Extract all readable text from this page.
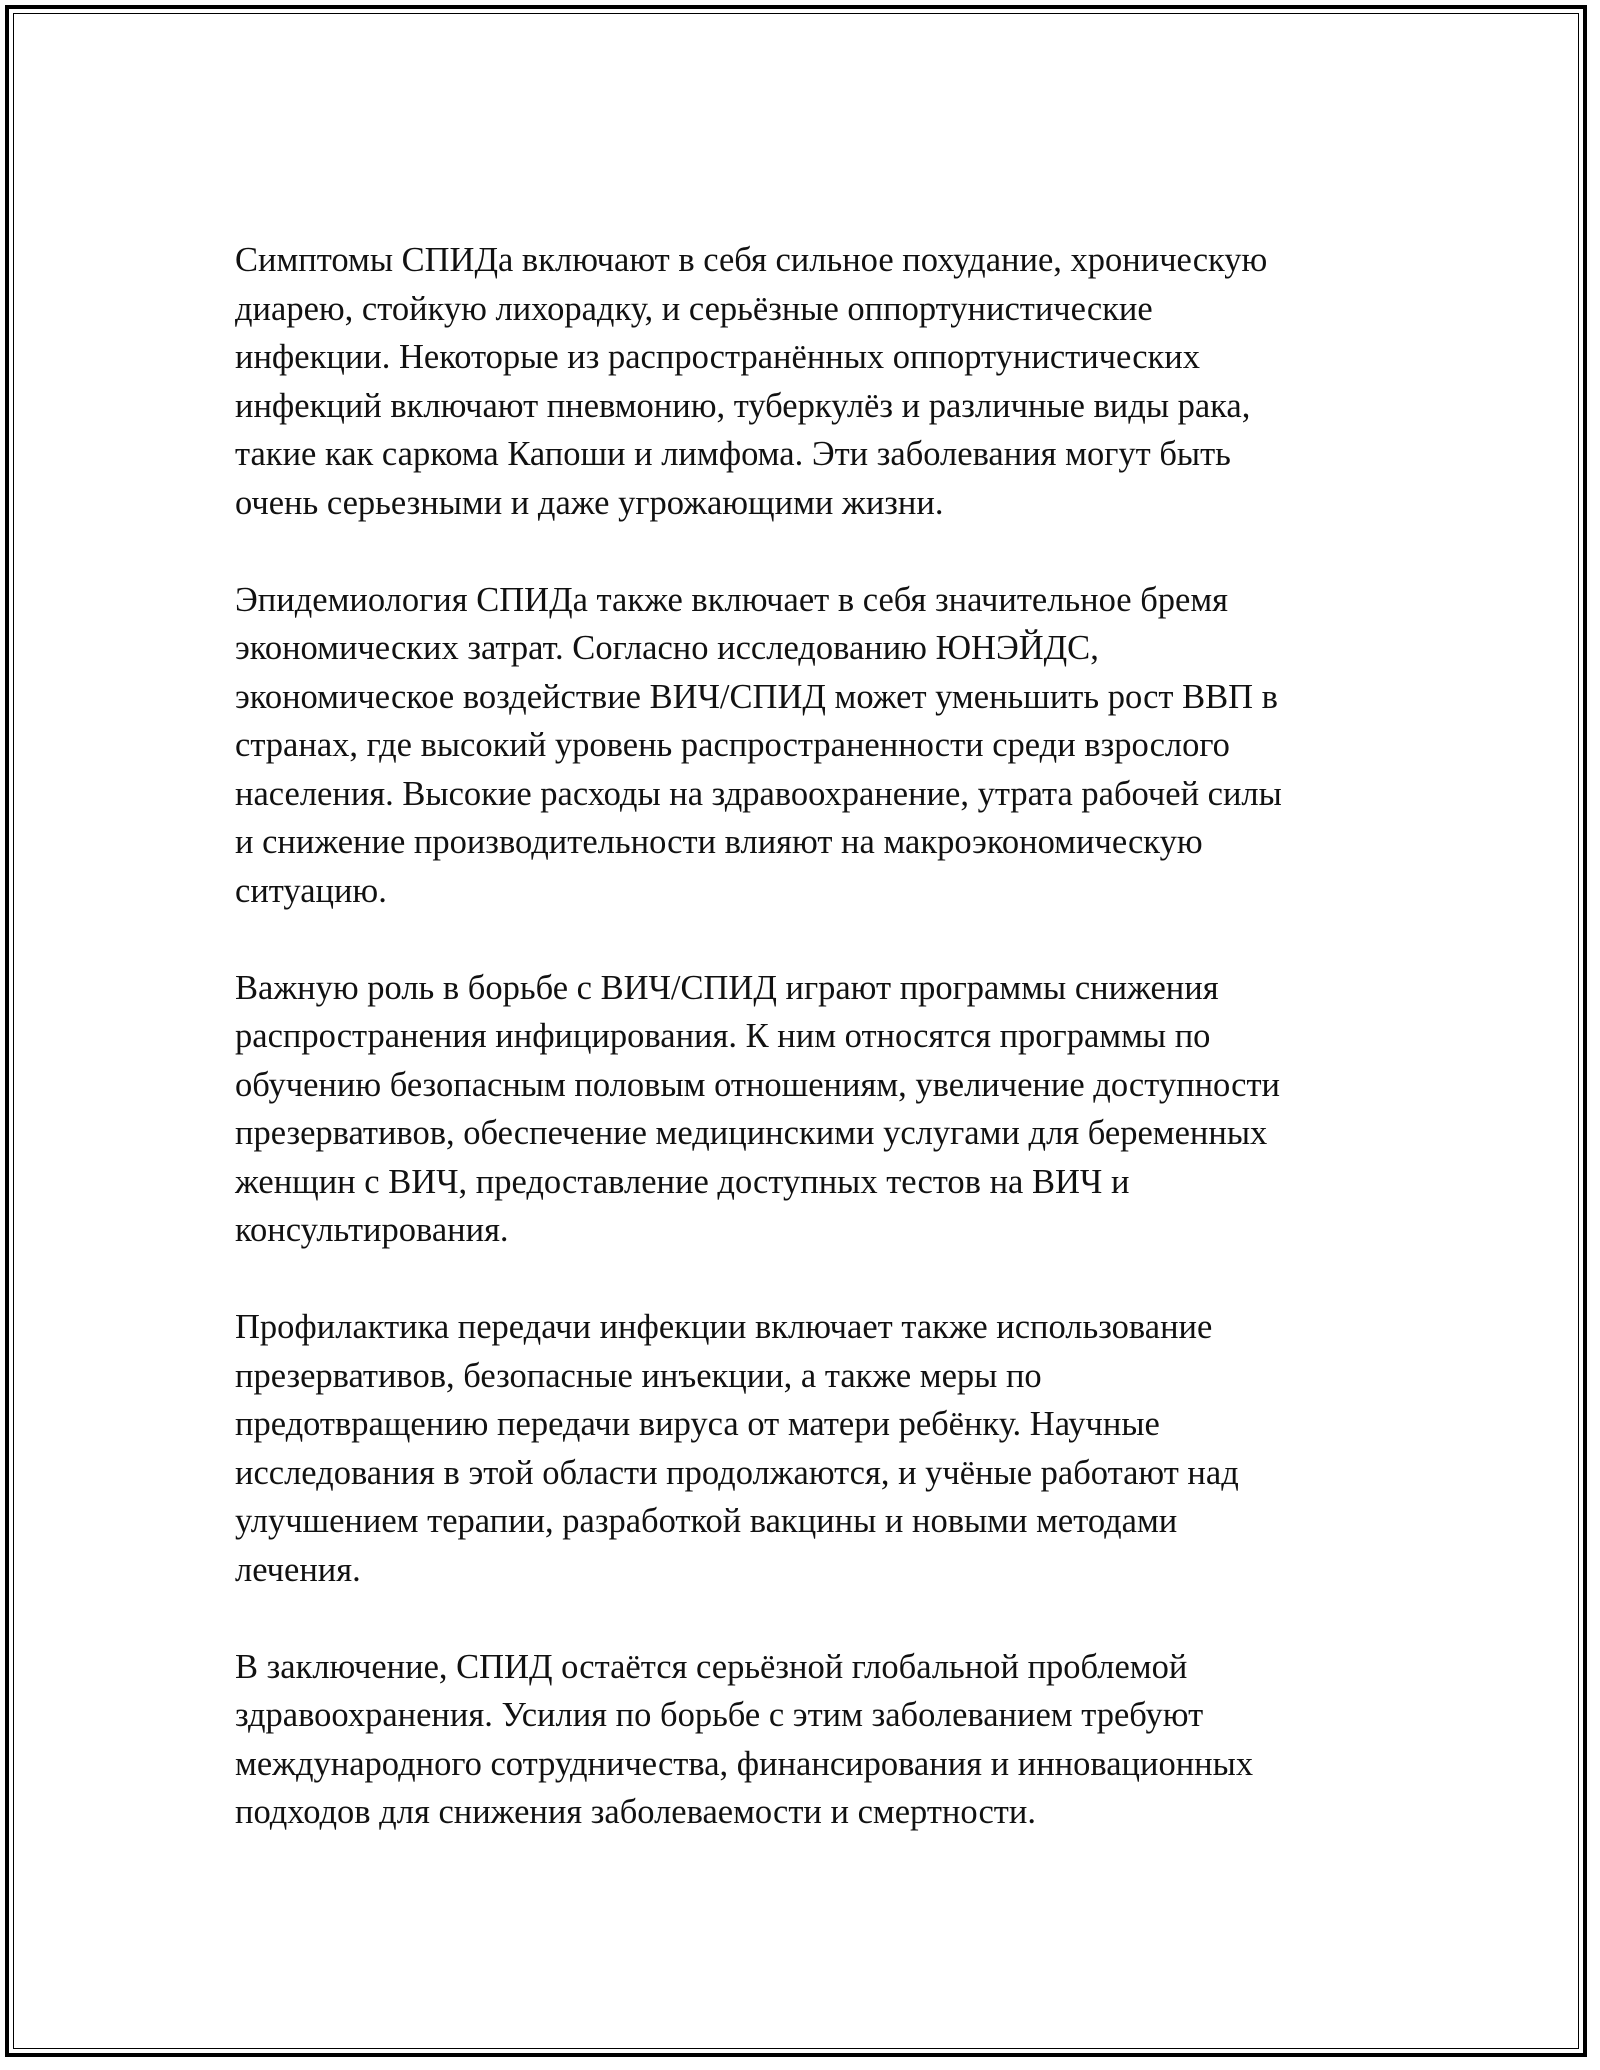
Симптомы СПИДа включают в себя сильное похудание, хроническую
диарею, стойкую лихорадку, и серьёзные оппортунистические
инфекции. Некоторые из распространённых оппортунистических
инфекций включают пневмонию, туберкулёз и различные виды рака,
такие как саркома Капоши и лимфома. Эти заболевания могут быть
очень серьезными и даже угрожающими жизни.

Эпидемиология СПИДа также включает в себя значительное бремя
экономических затрат. Согласно исследованию ЮНЭЙДС,
экономическое воздействие ВИЧ/СПИД может уменьшить рост ВВП в
странах, где высокий уровень распространенности среди взрослого
населения. Высокие расходы на здравоохранение, утрата рабочей силы
и снижение производительности влияют на макроэкономическую
ситуацию.

Важную роль в борьбе с ВИЧ/СПИД играют программы снижения
распространения инфицирования. К ним относятся программы по
обучению безопасным половым отношениям, увеличение доступности
презервативов, обеспечение медицинскими услугами для беременных
женщин с ВИЧ, предоставление доступных тестов на ВИЧ и
консультирования.

Профилактика передачи инфекции включает также использование
презервативов, безопасные инъекции, а также меры по
предотвращению передачи вируса от матери ребёнку. Научные
исследования в этой области продолжаются, и учёные работают над
улучшением терапии, разработкой вакцины и новыми методами
лечения.

В заключение, СПИД остаётся серьёзной глобальной проблемой
здравоохранения. Усилия по борьбе с этим заболеванием требуют
международного сотрудничества, финансирования и инновационных
подходов для снижения заболеваемости и смертности.
